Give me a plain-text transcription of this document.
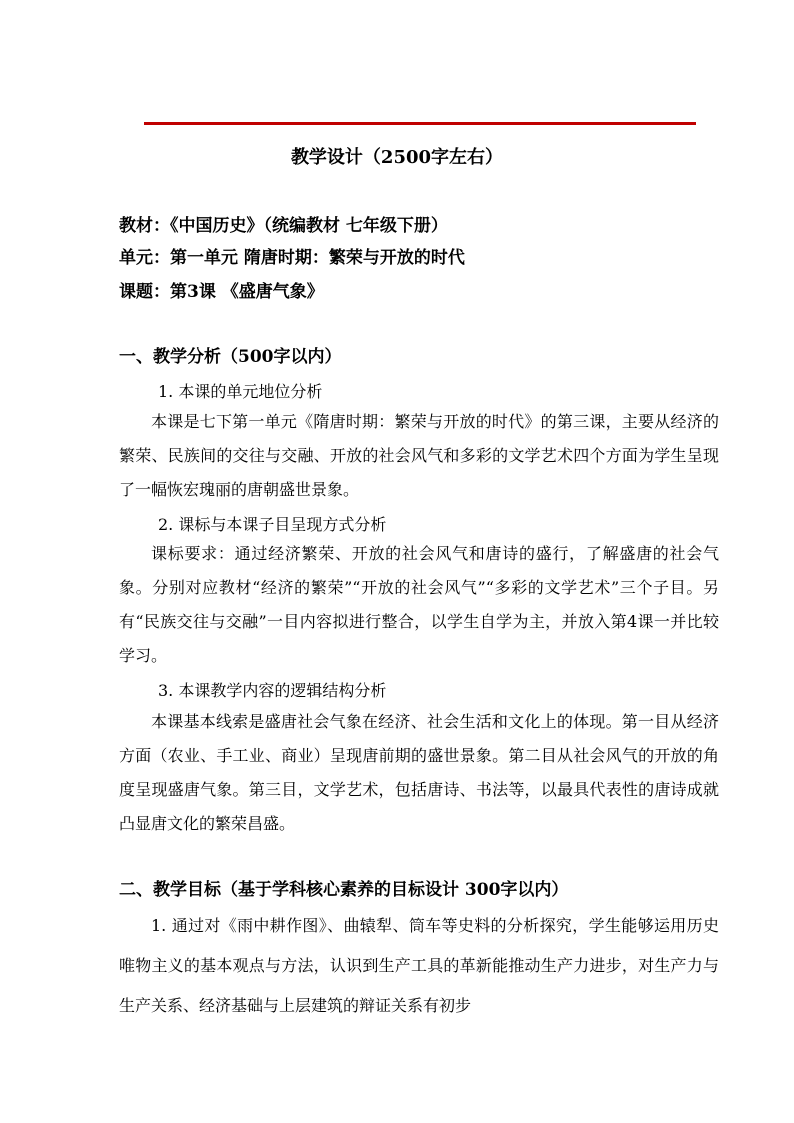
教学设计（2500字左右）
教材：《中国历史》（统编教材 七年级下册）
单元：第一单元 隋唐时期：繁荣与开放的时代
课题：第3课 《盛唐气象》
一、教学分析（500字以内）
1. 本课的单元地位分析
本课是七下第一单元《隋唐时期：繁荣与开放的时代》的第三课，主要从经济的繁荣、民族间的交往与交融、开放的社会风气和多彩的文学艺术四个方面为学生呈现了一幅恢宏瑰丽的唐朝盛世景象。
2. 课标与本课子目呈现方式分析
课标要求：通过经济繁荣、开放的社会风气和唐诗的盛行，了解盛唐的社会气象。分别对应教材“经济的繁荣”“开放的社会风气”“多彩的文学艺术”三个子目。另有“民族交往与交融”一目内容拟进行整合，以学生自学为主，并放入第4课一并比较学习。
3. 本课教学内容的逻辑结构分析
本课基本线索是盛唐社会气象在经济、社会生活和文化上的体现。第一目从经济方面（农业、手工业、商业）呈现唐前期的盛世景象。第二目从社会风气的开放的角度呈现盛唐气象。第三目，文学艺术，包括唐诗、书法等，以最具代表性的唐诗成就凸显唐文化的繁荣昌盛。
二、教学目标（基于学科核心素养的目标设计 300字以内）
1. 通过对《雨中耕作图》、曲辕犁、筒车等史料的分析探究，学生能够运用历史唯物主义的基本观点与方法，认识到生产工具的革新能推动生产力进步，对生产力与生产关系、经济基础与上层建筑的辩证关系有初步
